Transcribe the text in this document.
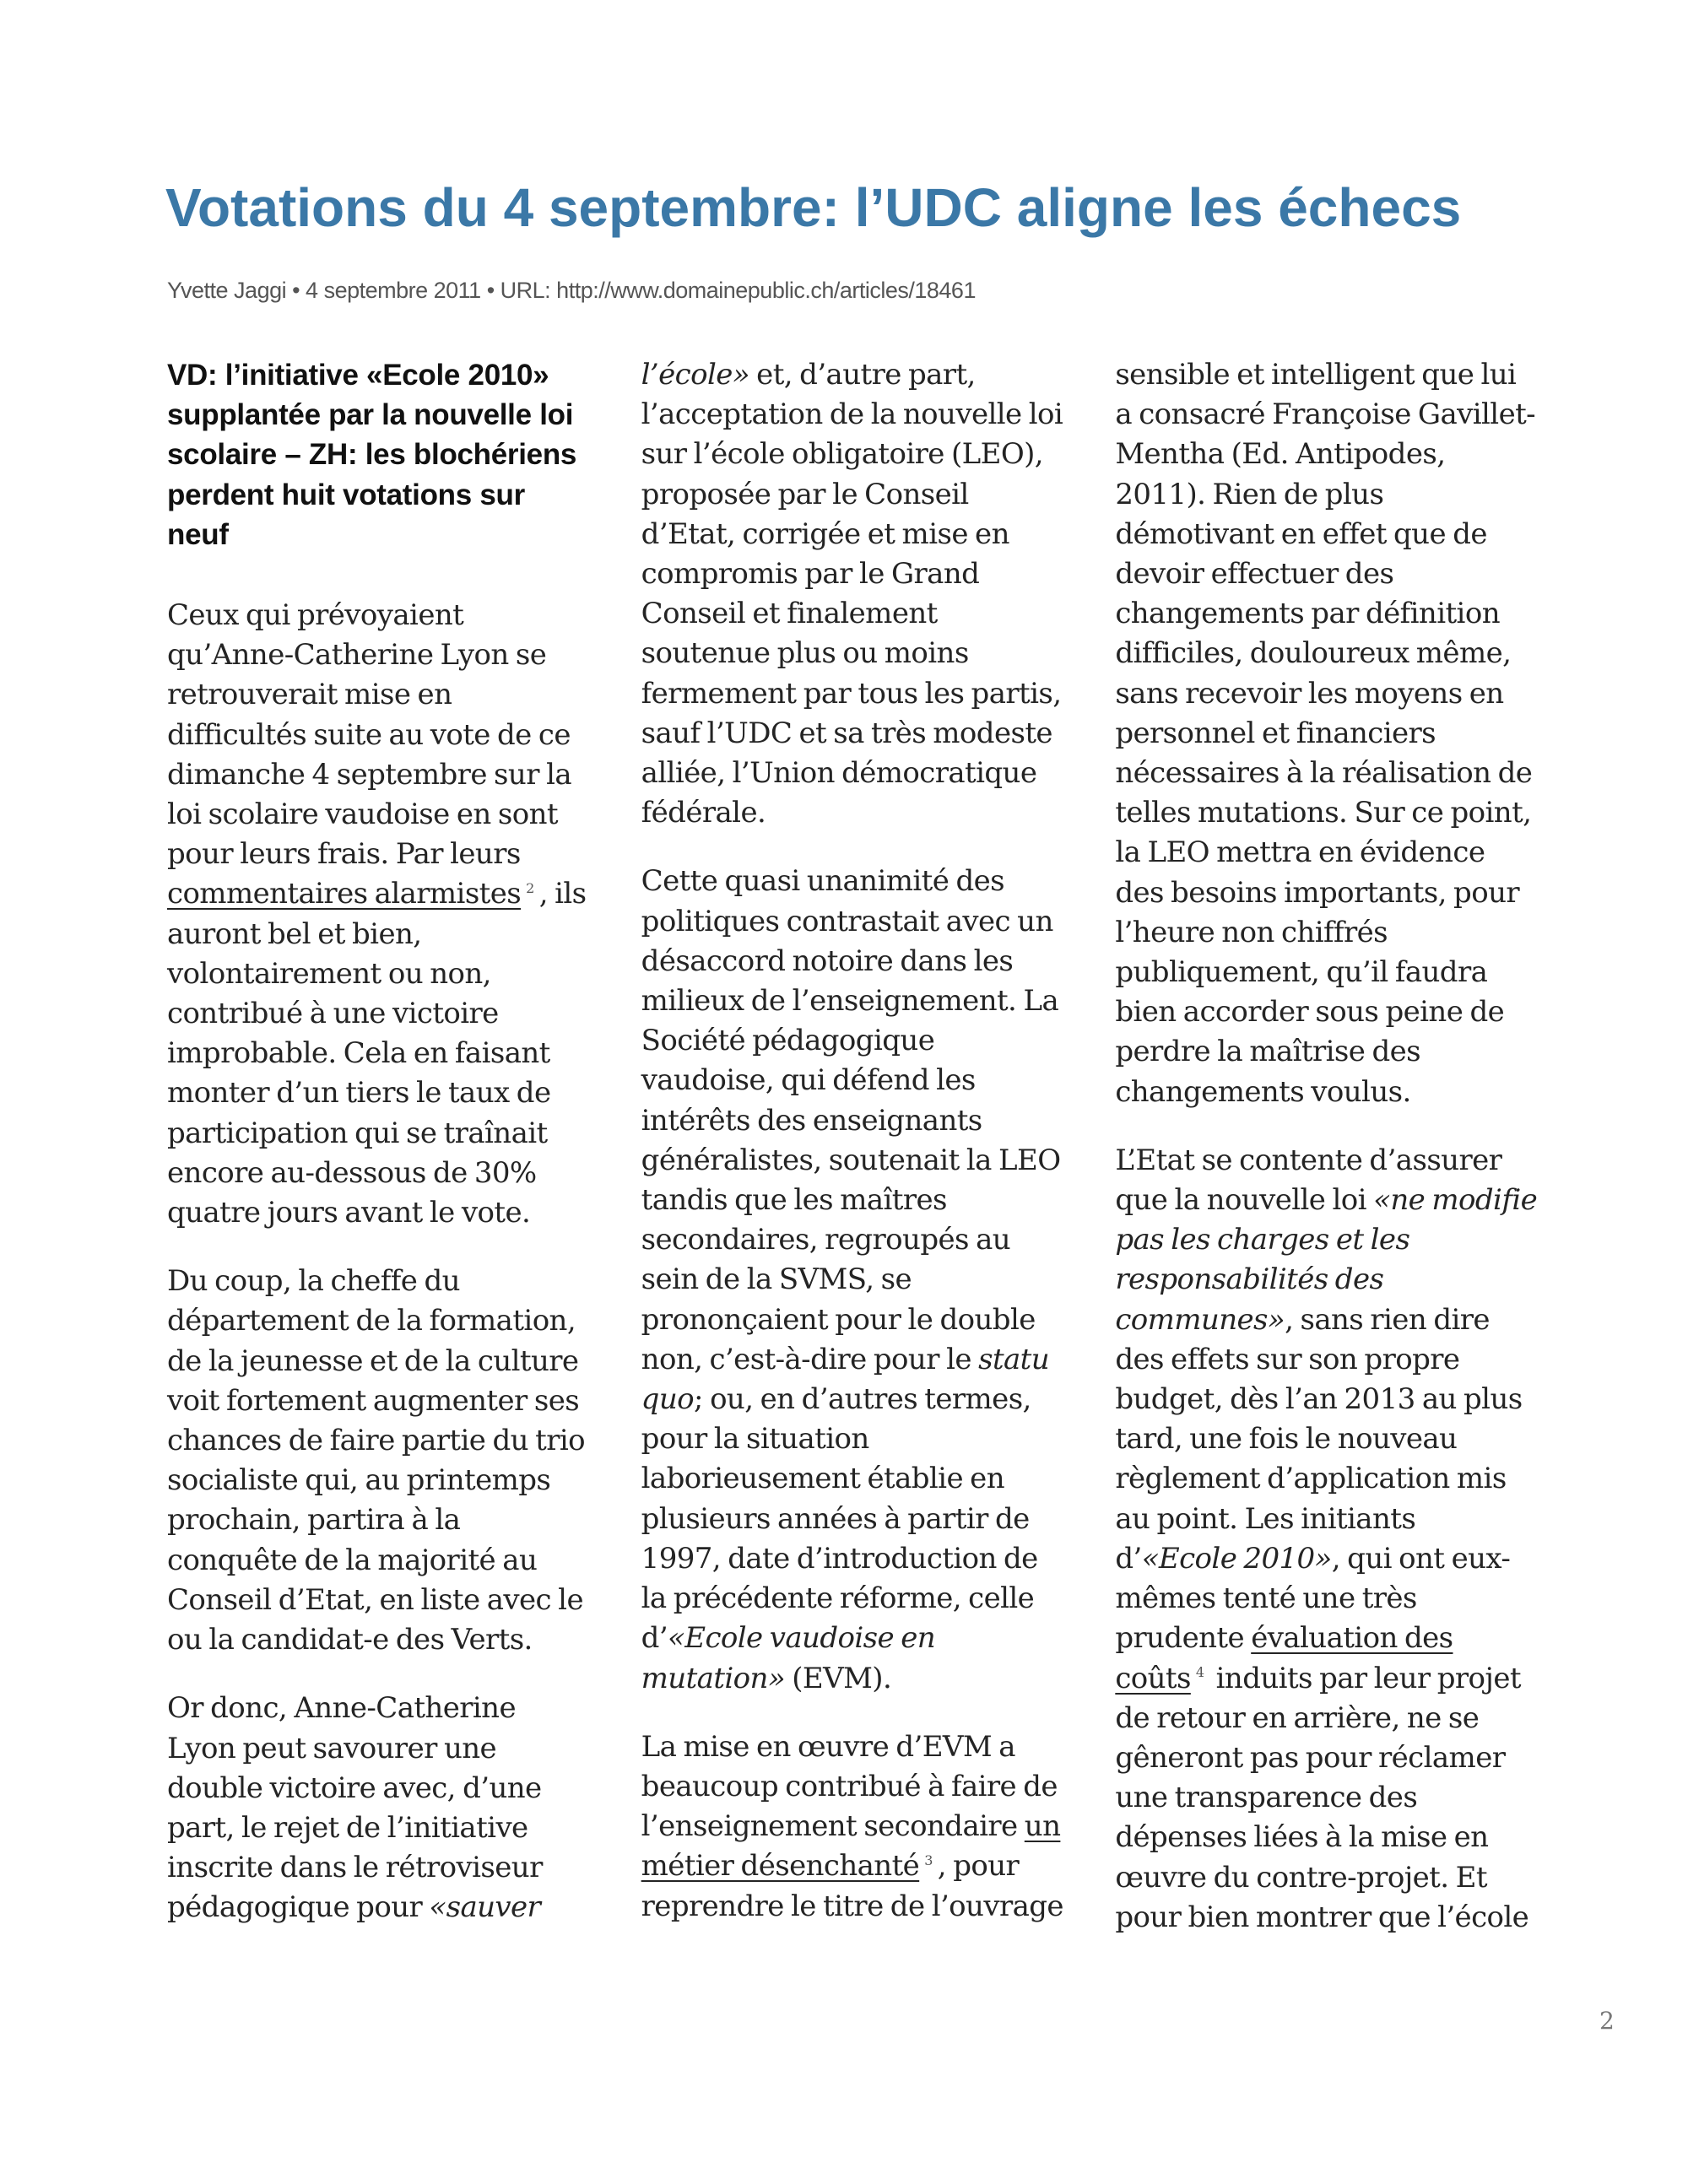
Votations du 4 septembre: l’UDC aligne les échecs
Yvette Jaggi • 4 septembre 2011 • URL: http://www.domainepublic.ch/articles/18461

VD: l’initiative «Ecole 2010» supplantée par la nouvelle loi scolaire – ZH: les blochériens perdent huit votations sur neuf

Ceux qui prévoyaient qu’Anne-Catherine Lyon se retrouverait mise en difficultés suite au vote de ce dimanche 4 septembre sur la loi scolaire vaudoise en sont pour leurs frais. Par leurs commentaires alarmistes $^2$ , ils auront bel et bien, volontairement ou non, contribué à une victoire improbable. Cela en faisant monter d’un tiers le taux de participation qui se traînait encore au-dessous de 30% quatre jours avant le vote.

Du coup, la cheffe du département de la formation, de la jeunesse et de la culture voit fortement augmenter ses chances de faire partie du trio socialiste qui, au printemps prochain, partira à la conquête de la majorité au Conseil d’Etat, en liste avec le ou la candidat-e des Verts.

Or donc, Anne-Catherine Lyon peut savourer une double victoire avec, d’une part, le rejet de l’initiative inscrite dans le rétroviseur pédagogique pour «sauver l’école» et, d’autre part, l’acceptation de la nouvelle loi sur l’école obligatoire (LEO), proposée par le Conseil d’Etat, corrigée et mise en compromis par le Grand Conseil et finalement soutenue plus ou moins fermement par tous les partis, sauf l’UDC et sa très modeste alliée, l’Union démocratique fédérale.

Cette quasi unanimité des politiques contrastait avec un désaccord notoire dans les milieux de l’enseignement. La Société pédagogique vaudoise, qui défend les intérêts des enseignants généralistes, soutenait la LEO tandis que les maîtres secondaires, regroupés au sein de la SVMS, se prononçaient pour le double non, c’est-à-dire pour le statu quo; ou, en d’autres termes, pour la situation laborieusement établie en plusieurs années à partir de 1997, date d’introduction de la précédente réforme, celle d’«Ecole vaudoise en mutation» (EVM).

La mise en œuvre d’EVM a beaucoup contribué à faire de l’enseignement secondaire un métier désenchanté $^3$ , pour reprendre le titre de l’ouvrage sensible et intelligent que lui a consacré Françoise Gavillet-Mentha (Ed. Antipodes, 2011). Rien de plus démotivant en effet que de devoir effectuer des changements par définition difficiles, douloureux même, sans recevoir les moyens en personnel et financiers nécessaires à la réalisation de telles mutations. Sur ce point, la LEO mettra en évidence des besoins importants, pour l’heure non chiffrés publiquement, qu’il faudra bien accorder sous peine de perdre la maîtrise des changements voulus.

L’Etat se contente d’assurer que la nouvelle loi «ne modifie pas les charges et les responsabilités des communes», sans rien dire des effets sur son propre budget, dès l’an 2013 au plus tard, une fois le nouveau règlement d’application mis au point. Les initiants d’«Ecole 2010», qui ont eux-mêmes tenté une très prudente évaluation des coûts $^4$ induits par leur projet de retour en arrière, ne se gêneront pas pour réclamer une transparence des dépenses liées à la mise en œuvre du contre-projet. Et pour bien montrer que l’école

2
